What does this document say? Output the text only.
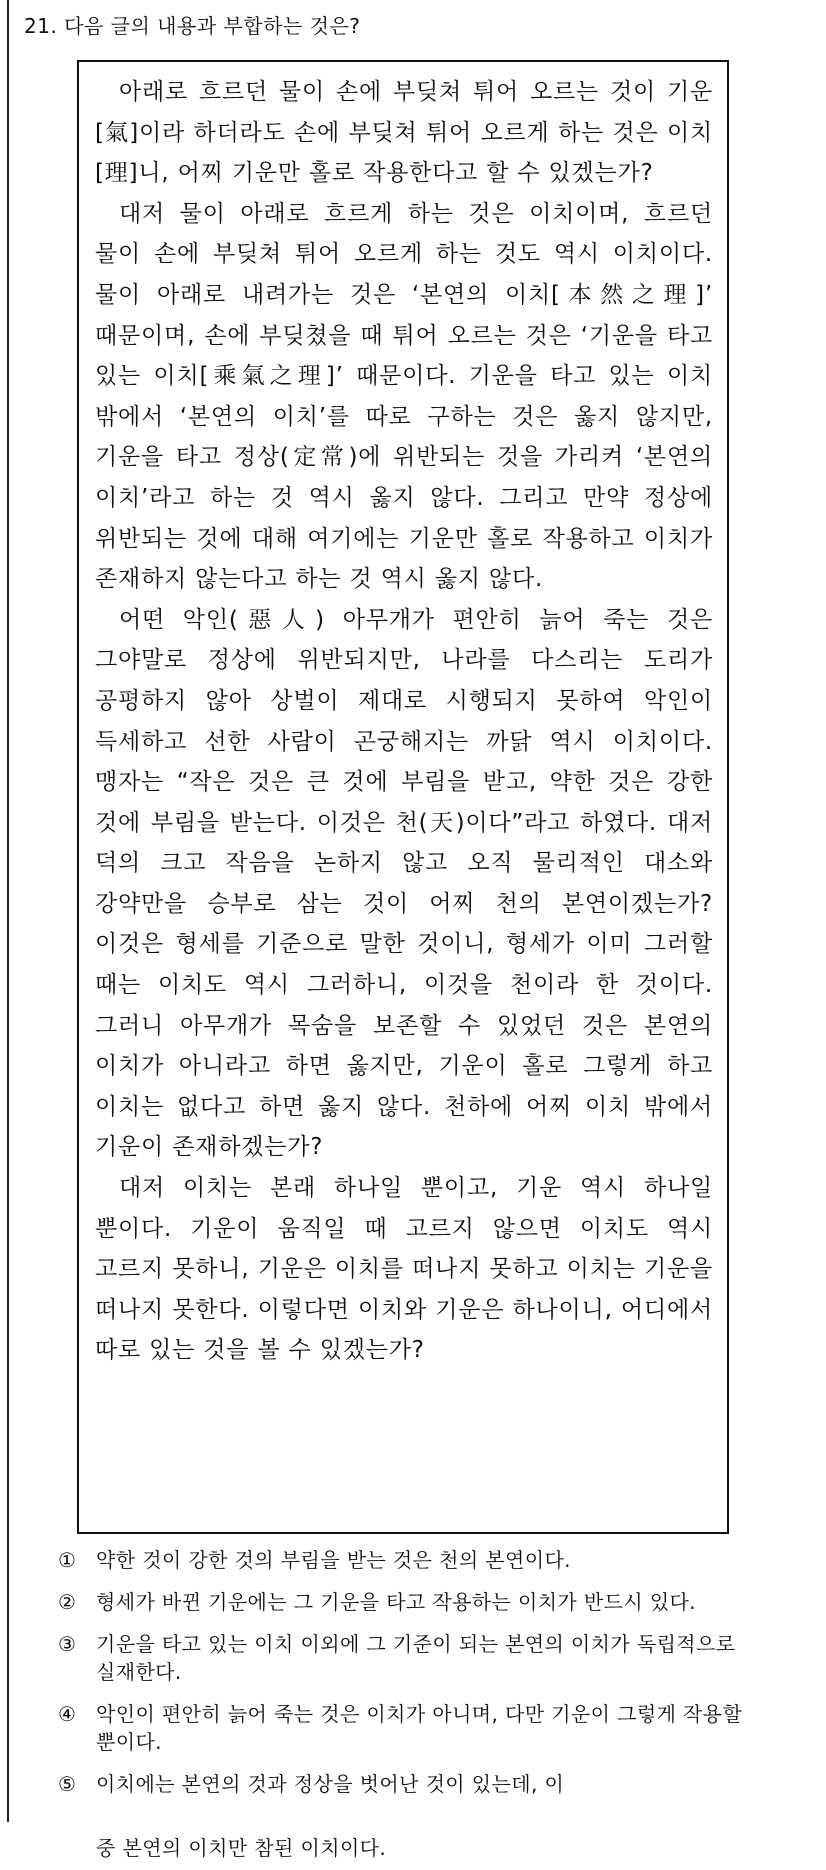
21. 다음 글의 내용과 부합하는 것은?

아래로 흐르던 물이 손에 부딪쳐 튀어 오르는 것이 기운[氣]이라 하더라도 손에 부딪쳐 튀어 오르게 하는 것은 이치[理]니, 어찌 기운만 홀로 작용한다고 할 수 있겠는가?

대저 물이 아래로 흐르게 하는 것은 이치이며, 흐르던 물이 손에 부딪쳐 튀어 오르게 하는 것도 역시 이치이다. 물이 아래로 내려가는 것은 ‘본연의 이치[本然之理]’ 때문이며, 손에 부딪쳤을 때 튀어 오르는 것은 ‘기운을 타고 있는 이치[乘氣之理]’ 때문이다. 기운을 타고 있는 이치 밖에서 ‘본연의 이치’를 따로 구하는 것은 옳지 않지만, 기운을 타고 정상(定常)에 위반되는 것을 가리켜 ‘본연의 이치’라고 하는 것 역시 옳지 않다. 그리고 만약 정상에 위반되는 것에 대해 여기에는 기운만 홀로 작용하고 이치가 존재하지 않는다고 하는 것 역시 옳지 않다.

어떤 악인(惡人) 아무개가 편안히 늙어 죽는 것은 그야말로 정상에 위반되지만, 나라를 다스리는 도리가 공평하지 않아 상벌이 제대로 시행되지 못하여 악인이 득세하고 선한 사람이 곤궁해지는 까닭 역시 이치이다. 맹자는 “작은 것은 큰 것에 부림을 받고, 약한 것은 강한 것에 부림을 받는다. 이것은 천(天)이다”라고 하였다. 대저 덕의 크고 작음을 논하지 않고 오직 물리적인 대소와 강약만을 승부로 삼는 것이 어찌 천의 본연이겠는가? 이것은 형세를 기준으로 말한 것이니, 형세가 이미 그러할 때는 이치도 역시 그러하니, 이것을 천이라 한 것이다. 그러니 아무개가 목숨을 보존할 수 있었던 것은 본연의 이치가 아니라고 하면 옳지만, 기운이 홀로 그렇게 하고 이치는 없다고 하면 옳지 않다. 천하에 어찌 이치 밖에서 기운이 존재하겠는가?

대저 이치는 본래 하나일 뿐이고, 기운 역시 하나일 뿐이다. 기운이 움직일 때 고르지 않으면 이치도 역시 고르지 못하니, 기운은 이치를 떠나지 못하고 이치는 기운을 떠나지 못한다. 이렇다면 이치와 기운은 하나이니, 어디에서 따로 있는 것을 볼 수 있겠는가?

① 약한 것이 강한 것의 부림을 받는 것은 천의 본연이다.
② 형세가 바뀐 기운에는 그 기운을 타고 작용하는 이치가 반드시 있다.
③ 기운을 타고 있는 이치 이외에 그 기준이 되는 본연의 이치가 독립적으로 실재한다.
④ 악인이 편안히 늙어 죽는 것은 이치가 아니며, 다만 기운이 그렇게 작용할 뿐이다.
⑤ 이치에는 본연의 것과 정상을 벗어난 것이 있는데, 이
중 본연의 이치만 참된 이치이다.
